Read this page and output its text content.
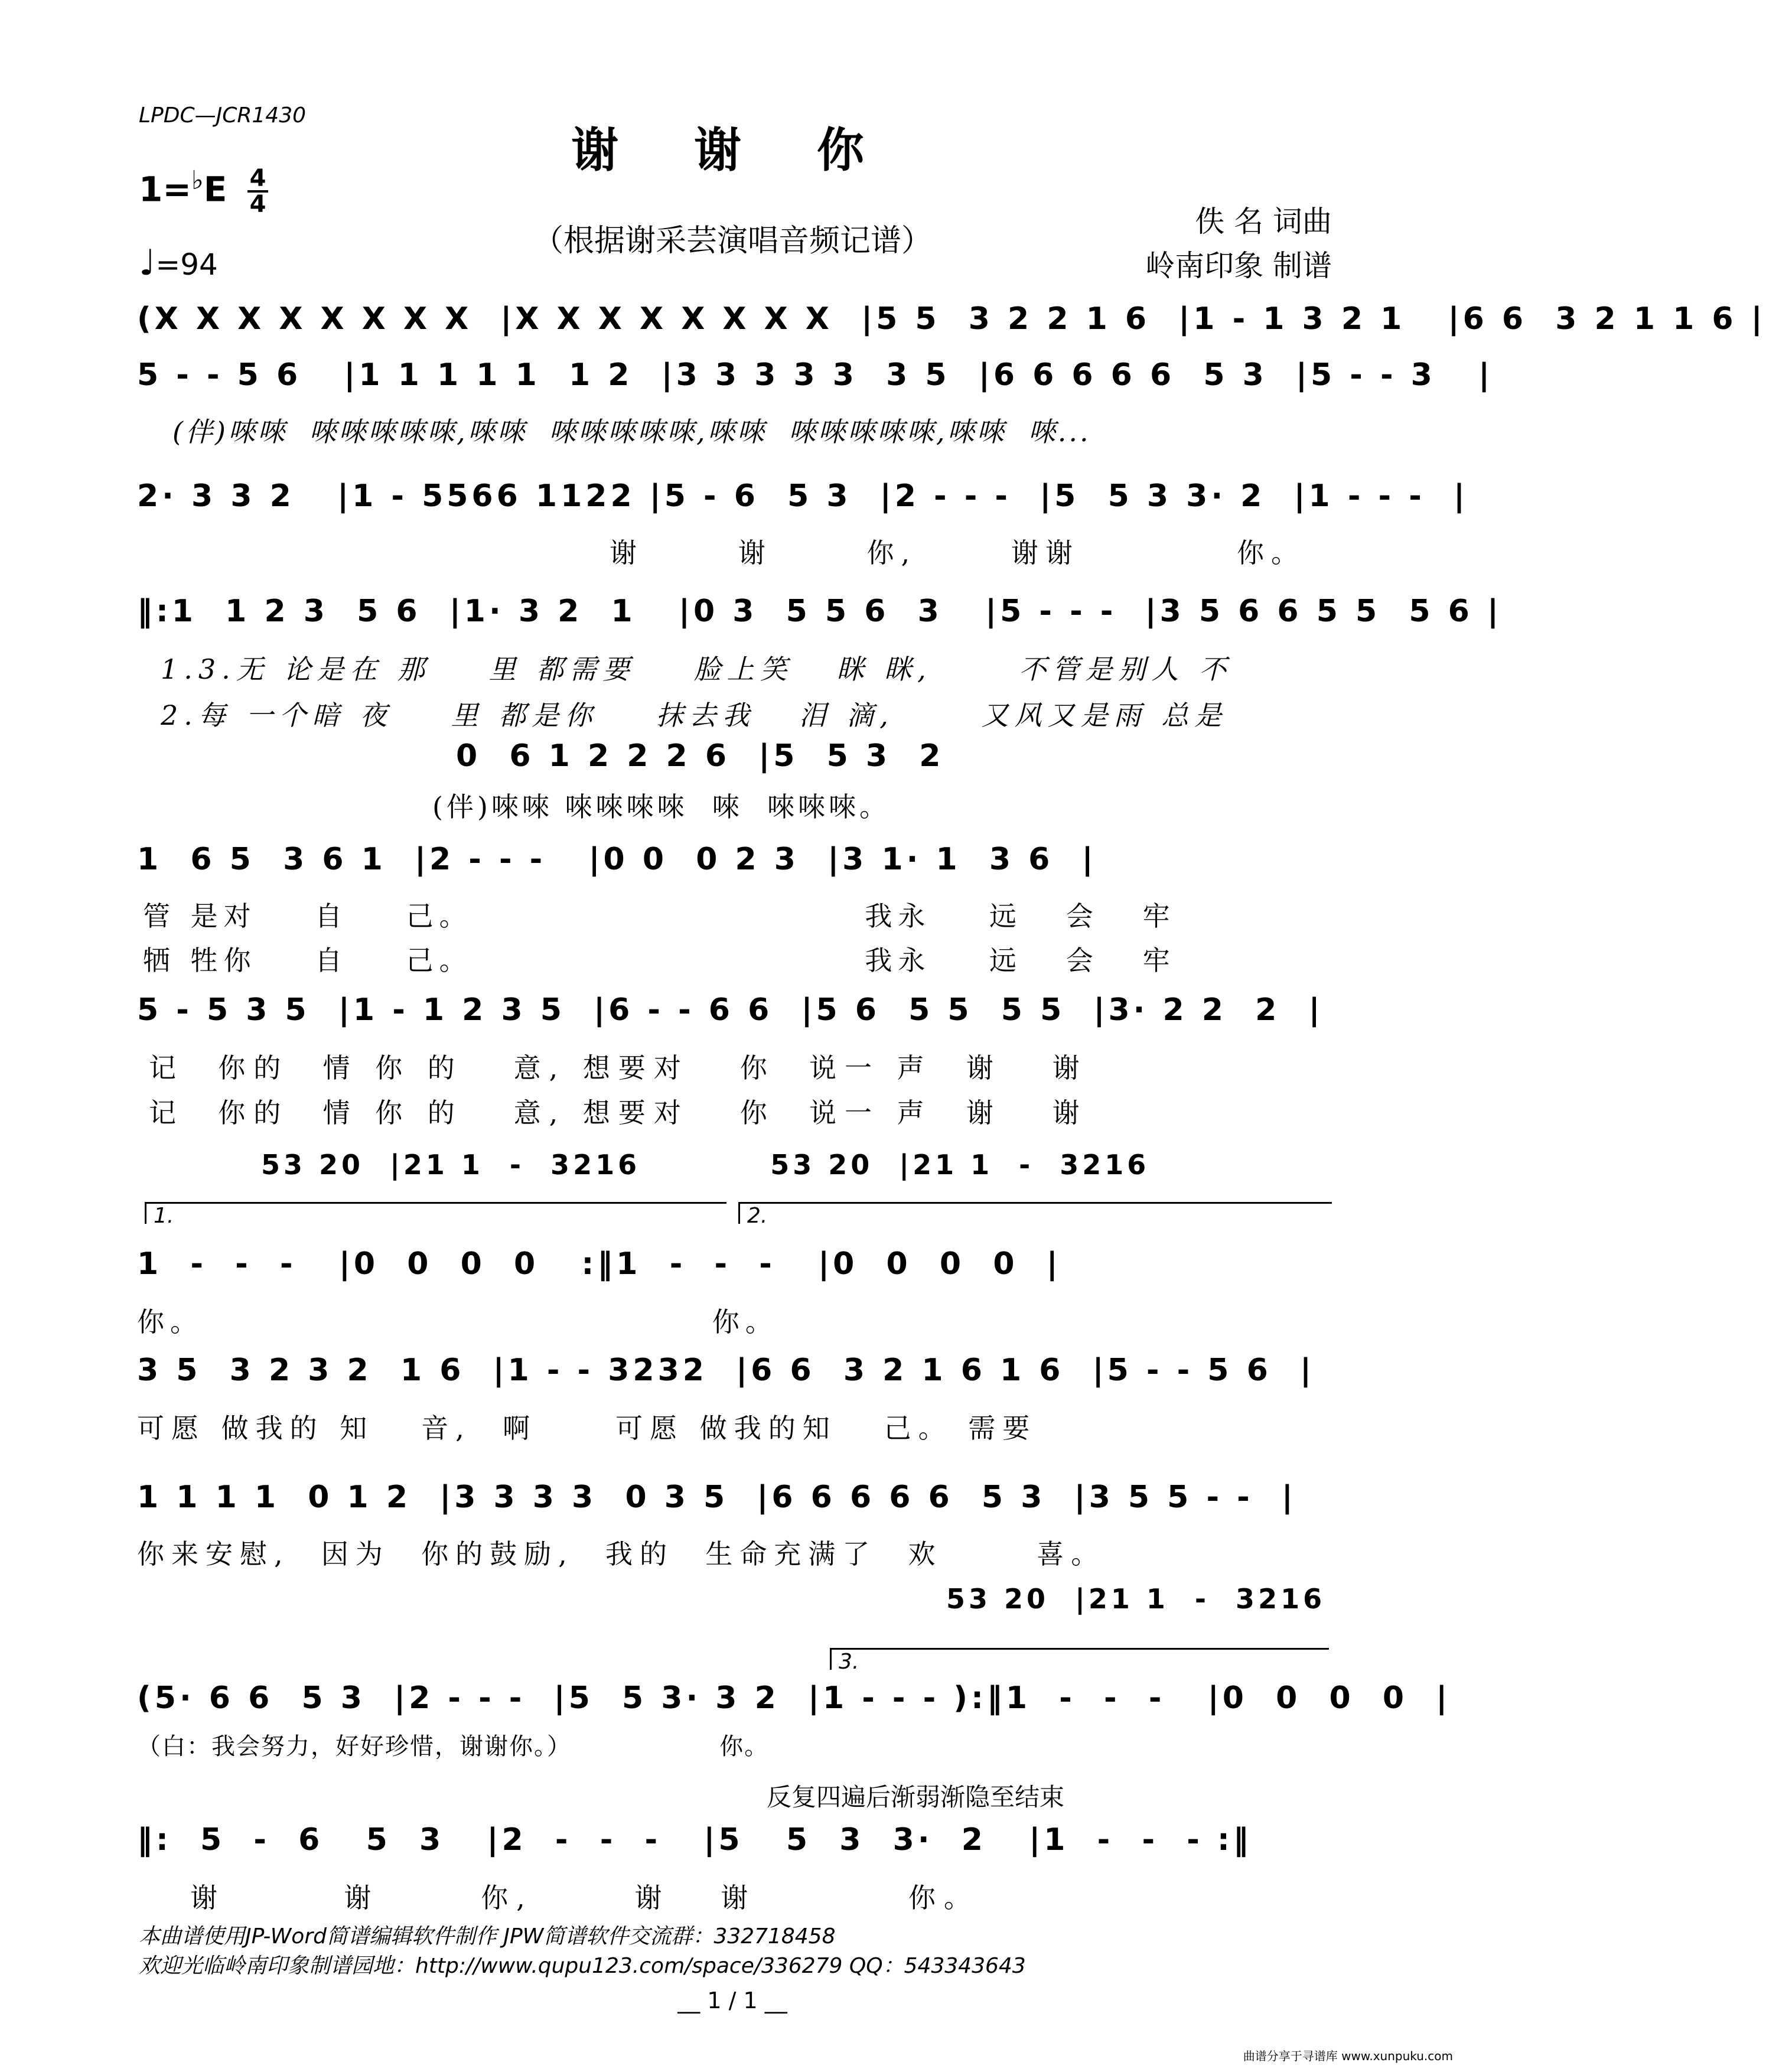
LPDC—JCR1430
谢 谢 你
$1=^♭E \frac{4}{4}$
♩=94
（根据谢采芸演唱音频记谱）
佚 名 词曲
岭南印象 制谱
(X X X X X X X X  |X X X X X X X X  |5 5  3 2 2 1 6  |1 - 1 3 2 1   |6 6  3 2 1 1 6 |
5 - - 5 6   |1 1 1 1 1  1 2  |3 3 3 3 3  3 5  |6 6 6 6 6  5 3  |5 - - 3   |
(伴)唻唻  唻唻唻唻唻,唻唻  唻唻唻唻唻,唻唻  唻唻唻唻唻,唻唻  唻...
2· 3 3 2   |1 - 5566 1122 |5 - 6  5 3  |2 - - -  |5  5 3 3· 2  |1 - - -  |
谢      谢      你,      谢谢          你。
‖:1  1 2 3  5 6  |1· 3 2  1   |0 3  5 5 6  3   |5 - - -  |3 5 6 6 5 5  5 6 |
1.3.无 论是在 那    里 都需要    脸上笑   眯 眯,      不管是别人 不
2.每 一个暗 夜    里 都是你    抹去我   泪 滴,      又风又是雨 总是
0  6 1 2 2 2 6  |5  5 3  2
(伴)唻唻 唻唻唻唻  唻  唻唻唻。
1  6 5  3 6 1  |2 - - -   |0 0  0 2 3  |3 1· 1  3 6  |
管 是对    自    己。                           我永    远   会   牢
牺 牲你    自    己。                           我永    远   会   牢
5 - 5 3 5  |1 - 1 2 3 5  |6 - - 6 6  |5 6  5 5  5 5  |3· 2 2  2  |
记  你的  情 你 的   意, 想要对   你  说一 声  谢   谢
记  你的  情 你 的   意, 想要对   你  说一 声  谢   谢
53 20  |21 1  -  3216          53 20  |21 1  -  3216
1.	2.
1  -  -  -   |0  0  0  0   :‖1  -  -  -   |0  0  0  0  |
你。                                   你。
3 5  3 2 3 2  1 6  |1 - - 3232  |6 6  3 2 1 6 1 6  |5 - - 5 6  |
可愿 做我的 知   音,  啊     可愿 做我的知   己。 需要
1 1 1 1  0 1 2  |3 3 3 3  0 3 5  |6 6 6 6 6  5 3  |3 5 5 - -  |
你来安慰,  因为  你的鼓励,  我的  生命充满了  欢      喜。
53 20  |21 1  -  3216
3.
(5· 6 6  5 3  |2 - - -  |5  5 3· 3 2  |1 - - - ):‖1  -  -  -   |0  0  0  0  |
（白：我会努力，好好珍惜，谢谢你。）                 你。
反复四遍后渐弱渐隐至结束
‖:  5  -  6   5  3   |2  -  -  -   |5   5  3  3·  2   |1  -  -  - :‖
谢       谢      你,      谢   谢         你。
本曲谱使用JP-Word简谱编辑软件制作 JPW简谱软件交流群：332718458
欢迎光临岭南印象制谱园地：http://www.qupu123.com/space/336279 QQ：543343643
__ 1 / 1 __
曲谱分享于寻谱库 www.xunpuku.com
